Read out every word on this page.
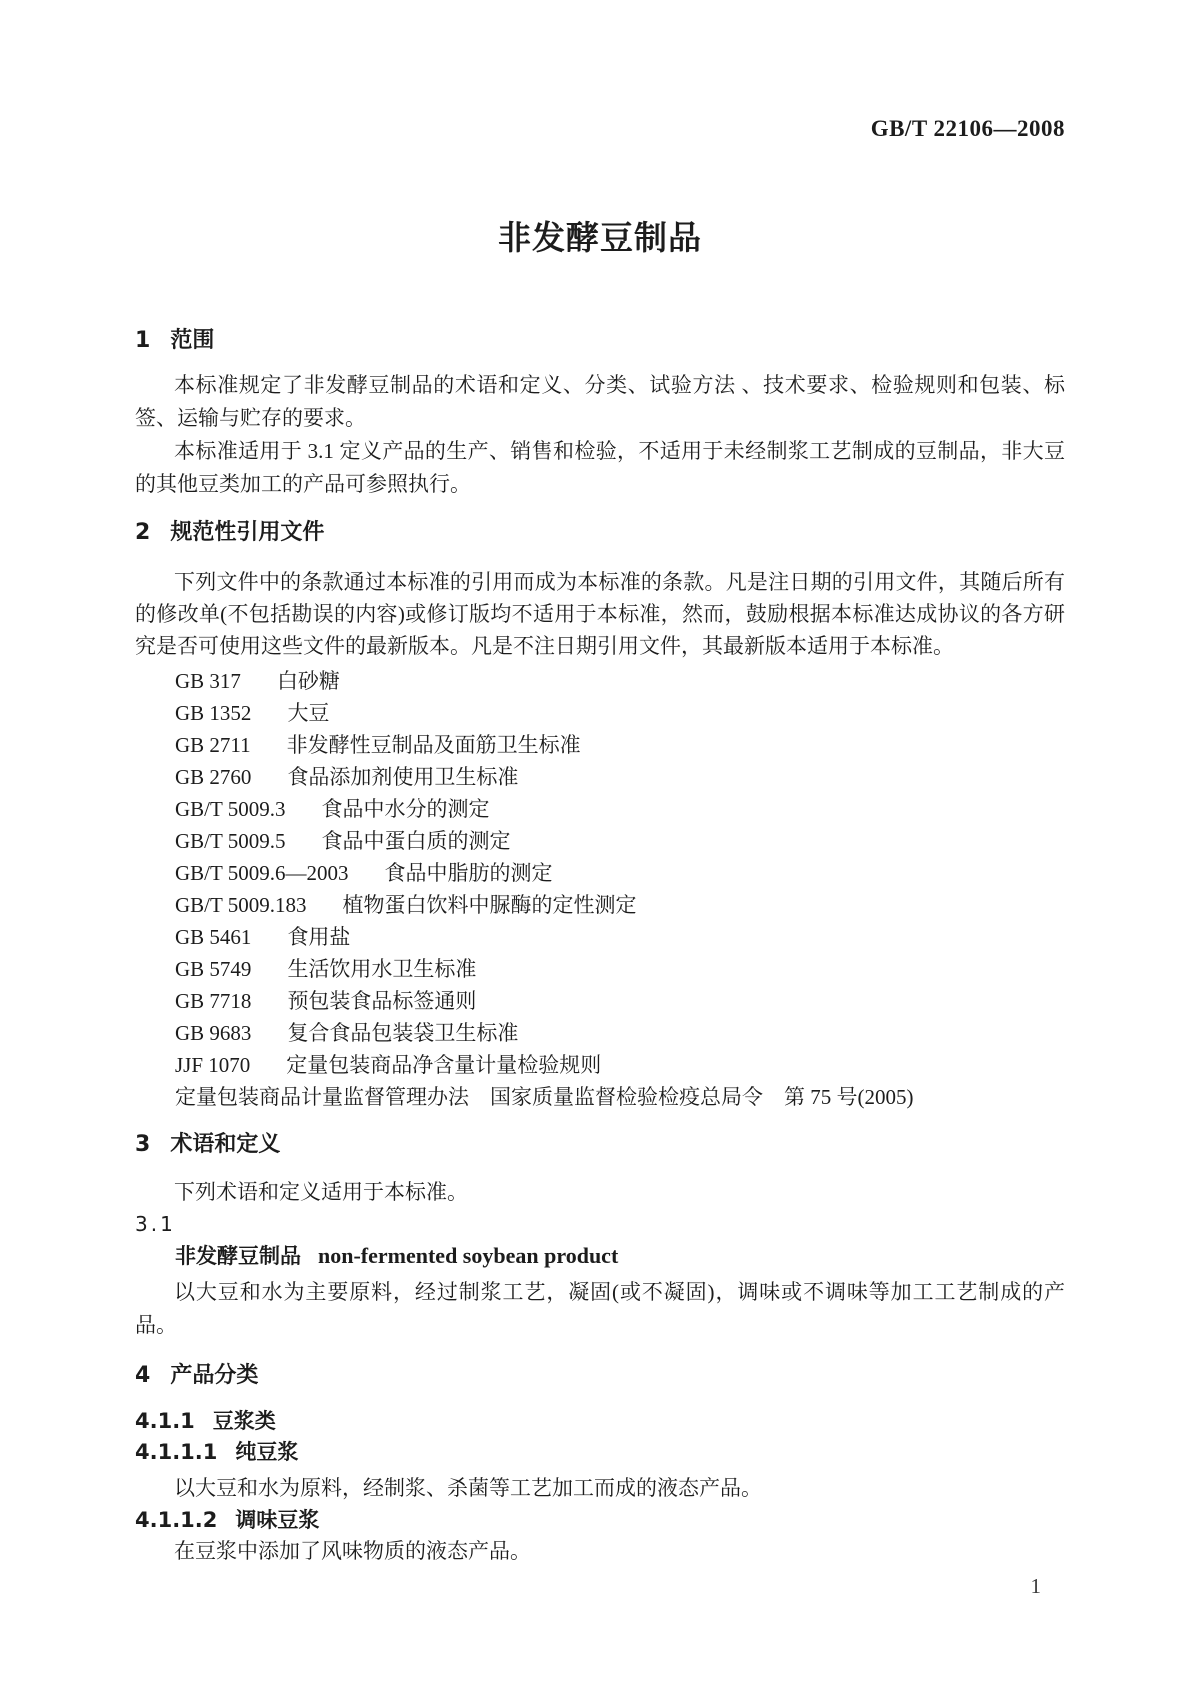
GB/T 22106—2008
非发酵豆制品
1 范围

本标准规定了非发酵豆制品的术语和定义、分类、试验方法 、技术要求、检验规则和包装、标签、运输与贮存的要求。

本标准适用于 3.1 定义产品的生产、销售和检验，不适用于未经制浆工艺制成的豆制品，非大豆的其他豆类加工的产品可参照执行。

2 规范性引用文件

下列文件中的条款通过本标准的引用而成为本标准的条款。凡是注日期的引用文件，其随后所有的修改单(不包括勘误的内容)或修订版均不适用于本标准，然而，鼓励根据本标准达成协议的各方研究是否可使用这些文件的最新版本。凡是不注日期引用文件，其最新版本适用于本标准。

GB 317 白砂糖
GB 1352 大豆
GB 2711 非发酵性豆制品及面筋卫生标准
GB 2760 食品添加剂使用卫生标准
GB/T 5009.3 食品中水分的测定
GB/T 5009.5 食品中蛋白质的测定
GB/T 5009.6—2003 食品中脂肪的测定
GB/T 5009.183 植物蛋白饮料中脲酶的定性测定
GB 5461 食用盐
GB 5749 生活饮用水卫生标准
GB 7718 预包装食品标签通则
GB 9683 复合食品包装袋卫生标准
JJF 1070 定量包装商品净含量计量检验规则
定量包装商品计量监督管理办法　国家质量监督检验检疫总局令　第 75 号(2005)
3 术语和定义

下列术语和定义适用于本标准。

3.1
非发酵豆制品 non-fermented soybean product

以大豆和水为主要原料，经过制浆工艺，凝固(或不凝固)，调味或不调味等加工工艺制成的产品。

4 产品分类
4.1.1 豆浆类
4.1.1.1 纯豆浆

以大豆和水为原料，经制浆、杀菌等工艺加工而成的液态产品。

4.1.1.2 调味豆浆

在豆浆中添加了风味物质的液态产品。

1
